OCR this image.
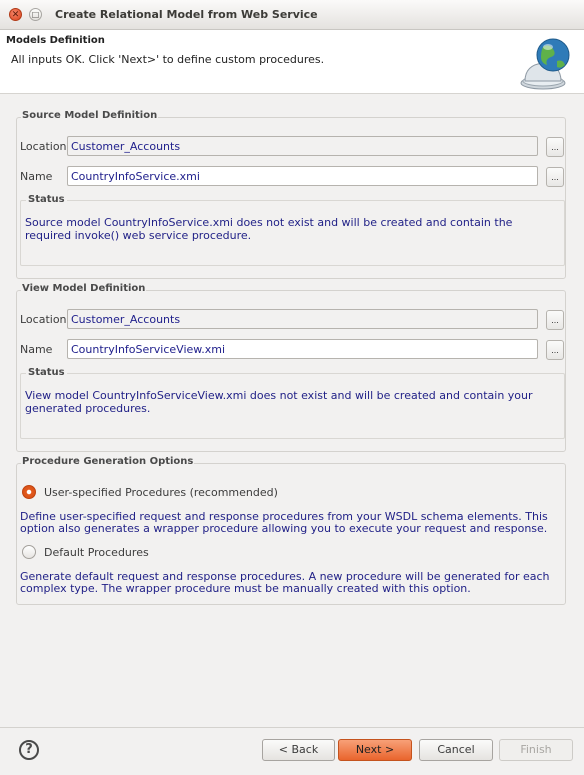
✕	□ Create Relational Model from Web Service
Models Definition
All inputs OK. Click 'Next>' to define custom procedures.
Source Model Definition
Location
Customer_Accounts	...
Name
CountryInfoService.xmi	...
Status
Source model CountryInfoService.xmi does not exist and will be created and contain the required invoke() web service procedure.
View Model Definition
Location
Customer_Accounts	...
Name
CountryInfoServiceView.xmi	...
Status
View model CountryInfoServiceView.xmi does not exist and will be created and contain your generated procedures.
Procedure Generation Options
User-specified Procedures (recommended)
Define user-specified request and response procedures from your WSDL schema elements. This option also generates a wrapper procedure allowing you to execute your request and response.
Default Procedures
Generate default request and response procedures. A new procedure will be generated for each complex type. The wrapper procedure must be manually created with this option.
?	< Back	Next >	Cancel	Finish
